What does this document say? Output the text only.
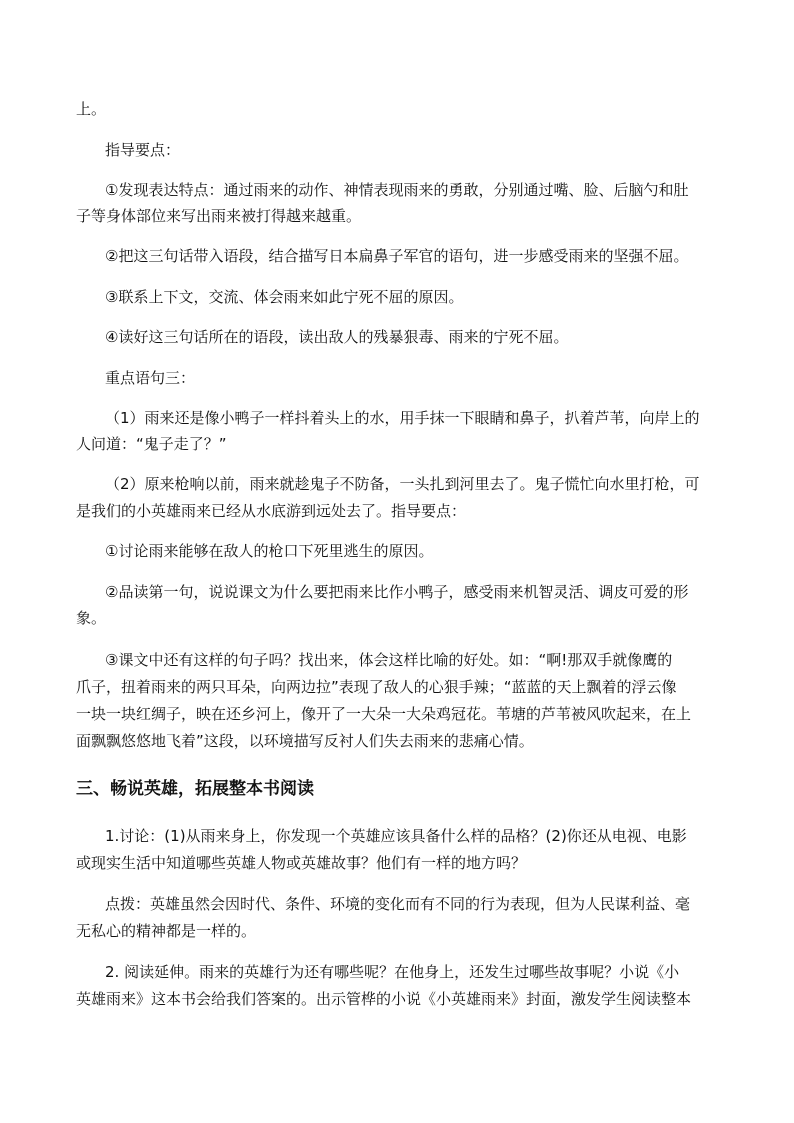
上。
指导要点：
①发现表达特点：通过雨来的动作、神情表现雨来的勇敢，分别通过嘴、脸、后脑勺和肚
子等身体部位来写出雨来被打得越来越重。
②把这三句话带入语段，结合描写日本扁鼻子军官的语句，进一步感受雨来的坚强不屈。
③联系上下文，交流、体会雨来如此宁死不屈的原因。
④读好这三句话所在的语段，读出敌人的残暴狠毒、雨来的宁死不屈。
重点语句三：
（1）雨来还是像小鸭子一样抖着头上的水，用手抹一下眼睛和鼻子，扒着芦苇，向岸上的
人问道：“鬼子走了？”
（2）原来枪响以前，雨来就趁鬼子不防备，一头扎到河里去了。鬼子慌忙向水里打枪，可
是我们的小英雄雨来已经从水底游到远处去了。指导要点：
①讨论雨来能够在敌人的枪口下死里逃生的原因。
②品读第一句，说说课文为什么要把雨来比作小鸭子，感受雨来机智灵活、调皮可爱的形
象。
③课文中还有这样的句子吗？找出来，体会这样比喻的好处。如：“啊!那双手就像鹰的
爪子，扭着雨来的两只耳朵，向两边拉”表现了敌人的心狠手辣；“蓝蓝的天上飘着的浮云像
一块一块红绸子，映在还乡河上，像开了一大朵一大朵鸡冠花。苇塘的芦苇被风吹起来，在上
面飘飘悠悠地飞着”这段，以环境描写反衬人们失去雨来的悲痛心情。
三、畅说英雄，拓展整本书阅读
1.讨论：(1)从雨来身上，你发现一个英雄应该具备什么样的品格？(2)你还从电视、电影
或现实生活中知道哪些英雄人物或英雄故事？他们有一样的地方吗？
点拨：英雄虽然会因时代、条件、环境的变化而有不同的行为表现，但为人民谋利益、毫
无私心的精神都是一样的。
2. 阅读延伸。雨来的英雄行为还有哪些呢？在他身上，还发生过哪些故事呢？小说《小
英雄雨来》这本书会给我们答案的。出示管桦的小说《小英雄雨来》封面，激发学生阅读整本
